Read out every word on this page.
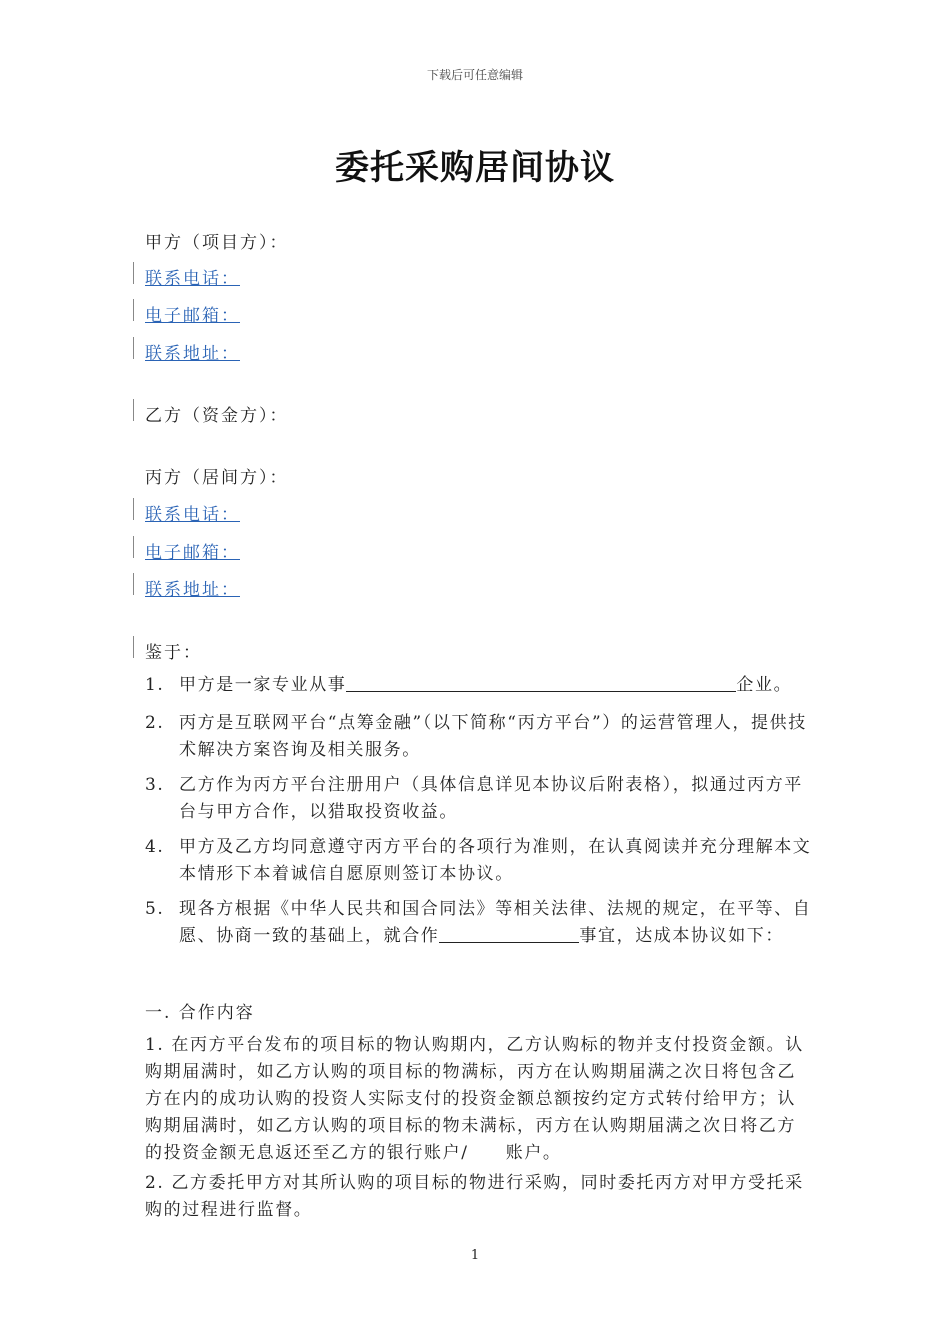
下载后可任意编辑
委托采购居间协议
甲方（项目方）：
联系电话：
电子邮箱：
联系地址：
乙方（资金方）：
丙方（居间方）：
联系电话：
电子邮箱：
联系地址：
鉴于：
1. 甲方是一家专业从事	企业。
2. 丙方是互联网平台“点筹金融”（以下简称“丙方平台”）的运营管理人，提供技术解决方案咨询及相关服务。
3. 乙方作为丙方平台注册用户（具体信息详见本协议后附表格），拟通过丙方平台与甲方合作，以猎取投资收益。
4. 甲方及乙方均同意遵守丙方平台的各项行为准则，在认真阅读并充分理解本文本情形下本着诚信自愿原则签订本协议。
5. 现各方根据《中华人民共和国合同法》等相关法律、法规的规定，在平等、自愿、协商一致的基础上，就合作	事宜，达成本协议如下：
一. 合作内容
1. 在丙方平台发布的项目标的物认购期内，乙方认购标的物并支付投资金额。认购期届满时，如乙方认购的项目标的物满标，丙方在认购期届满之次日将包含乙方在内的成功认购的投资人实际支付的投资金额总额按约定方式转付给甲方；认购期届满时，如乙方认购的项目标的物未满标，丙方在认购期届满之次日将乙方的投资金额无息返还至乙方的银行账户/　　账户。
2. 乙方委托甲方对其所认购的项目标的物进行采购，同时委托丙方对甲方受托采购的过程进行监督。
1
